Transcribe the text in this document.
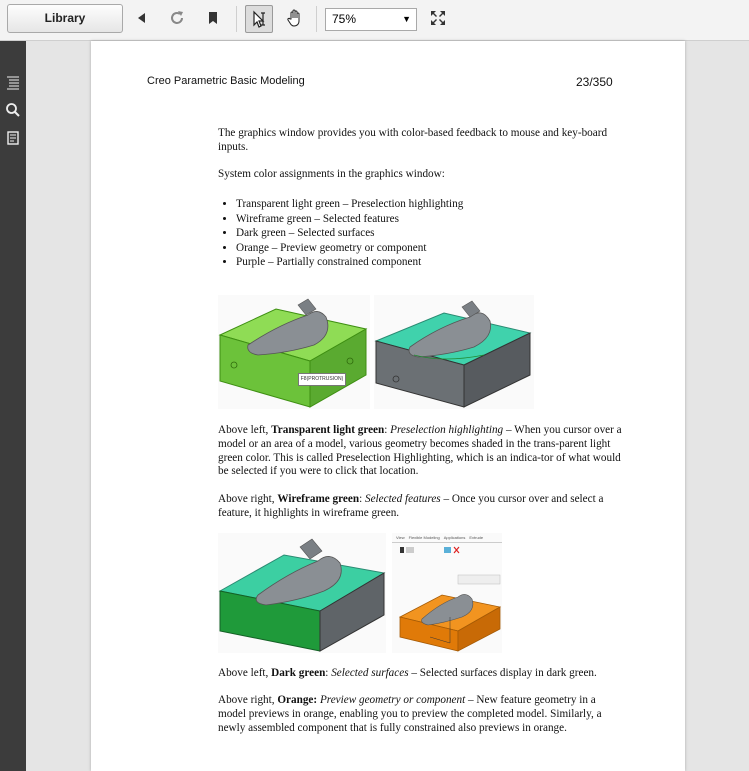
Library	75%	▼
Creo Parametric Basic Modeling	23/350

The graphics window provides you with color-based feedback to mouse and key-board inputs.

System color assignments in the graphics window:

• Transparent light green – Preselection highlighting
• Wireframe green – Selected features
• Dark green – Selected surfaces
• Orange – Preview geometry or component
• Purple – Partially constrained component
F8(PROTRUSION)

Above left, Transparent light green: Preselection highlighting – When you cursor over a model or an area of a model, various geometry becomes shaded in the trans-parent light green color. This is called Preselection Highlighting, which is an indica-tor of what would be selected if you were to click that location.

Above right, Wireframe green: Selected features – Once you cursor over and select a feature, it highlights in wireframe green.

View Flexible Modeling Applications Extrude

Above left, Dark green: Selected surfaces – Selected surfaces display in dark green.

Above right, Orange: Preview geometry or component – New feature geometry in a model previews in orange, enabling you to preview the completed model. Similarly, a newly assembled component that is fully constrained also previews in orange.
